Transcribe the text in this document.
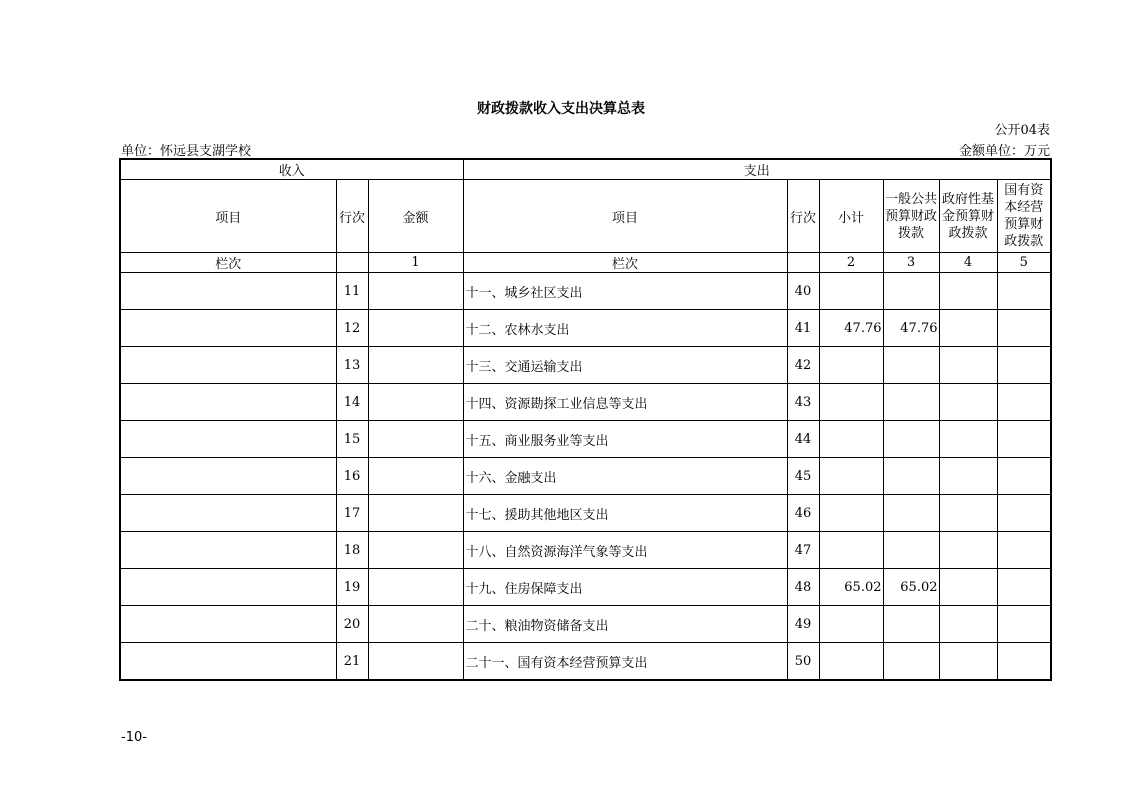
财政拨款收入支出决算总表
公开04表
单位：怀远县支湖学校	金额单位：万元
收入			支出					
项目	行次	金额	项目	行次	小计	一般公共预算财政拨款	政府性基金预算财政拨款	国有资本经营预算财政拨款
栏次		1	栏次		2	3	4	5
	11		十一、城乡社区支出	40				
	12		十二、农林水支出	41	47.76	47.76		
	13		十三、交通运输支出	42				
	14		十四、资源勘探工业信息等支出	43				
	15		十五、商业服务业等支出	44				
	16		十六、金融支出	45				
	17		十七、援助其他地区支出	46				
	18		十八、自然资源海洋气象等支出	47				
	19		十九、住房保障支出	48	65.02	65.02		
	20		二十、粮油物资储备支出	49				
	21		二十一、国有资本经营预算支出	50				
-10-
